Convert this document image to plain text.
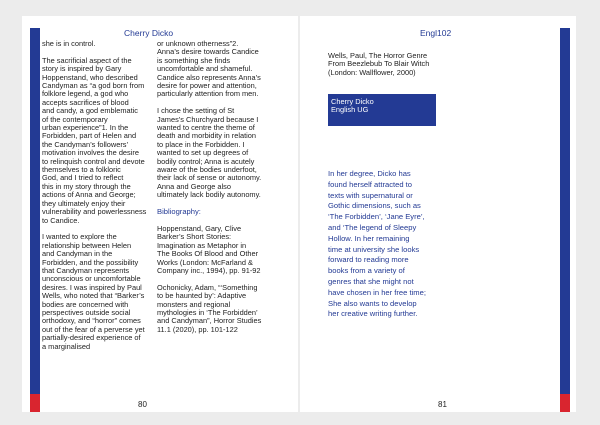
Cherry Dicko

she is in control.

The sacrificial aspect of the
story is inspired by Gary
Hoppenstand, who described
Candyman as “a god born from
folklore legend, a god who
accepts sacrifices of blood
and candy, a god emblematic
of the contemporary
urban experience”1. In the
Forbidden, part of Helen and
the Candyman’s followers’
motivation involves the desire
to relinquish control and devote
themselves to a folkloric
God, and I tried to reflect
this in my story through the
actions of Anna and George;
they ultimately enjoy their
vulnerability and powerlessness
to Candice.

I wanted to explore the
relationship between Helen
and Candyman in the
Forbidden, and the possibility
that Candyman represents
unconscious or uncomfortable
desires. I was inspired by Paul
Wells, who noted that “Barker’s
bodies are concerned with
perspectives outside social
orthodoxy, and “horror” comes
out of the fear of a perverse yet
partially-desired experience of
a marginalised

or unknown otherness”2.
Anna’s desire towards Candice
is something she finds
uncomfortable and shameful.
Candice also represents Anna’s
desire for power and attention,
particularly attention from men.

I chose the setting of St
James’s Churchyard because I
wanted to centre the theme of
death and morbidity in relation
to place in the Forbidden. I
wanted to set up degrees of
bodily control; Anna is acutely
aware of the bodies underfoot,
their lack of sense or autonomy.
Anna and George also
ultimately lack bodily autonomy.

Bibliography:

Hoppenstand, Gary, Clive
Barker’s Short Stories:
Imagination as Metaphor in
The Books Of Blood and Other
Works (London: McFarland &
Company inc., 1994), pp. 91-92

Ochonicky, Adam, “‘Something
to be haunted by’: Adaptive
monsters and regional
mythologies in ‘The Forbidden’
and Candyman”, Horror Studies
11.1 (2020), pp. 101-122

80
Engl102

Wells, Paul, The Horror Genre
From Beezlebub To Blair Witch
(London: Wallflower, 2000)

Cherry Dicko
English UG
In her degree, Dicko has
found herself attracted to
texts with supernatural or
Gothic dimensions, such as
‘The Forbidden’, ‘Jane Eyre’,
and ‘The legend of Sleepy
Hollow. In her remaining
time at university she looks
forward to reading more
books from a variety of
genres that she might not
have chosen in her free time;
She also wants to develop
her creative writing further.
81
